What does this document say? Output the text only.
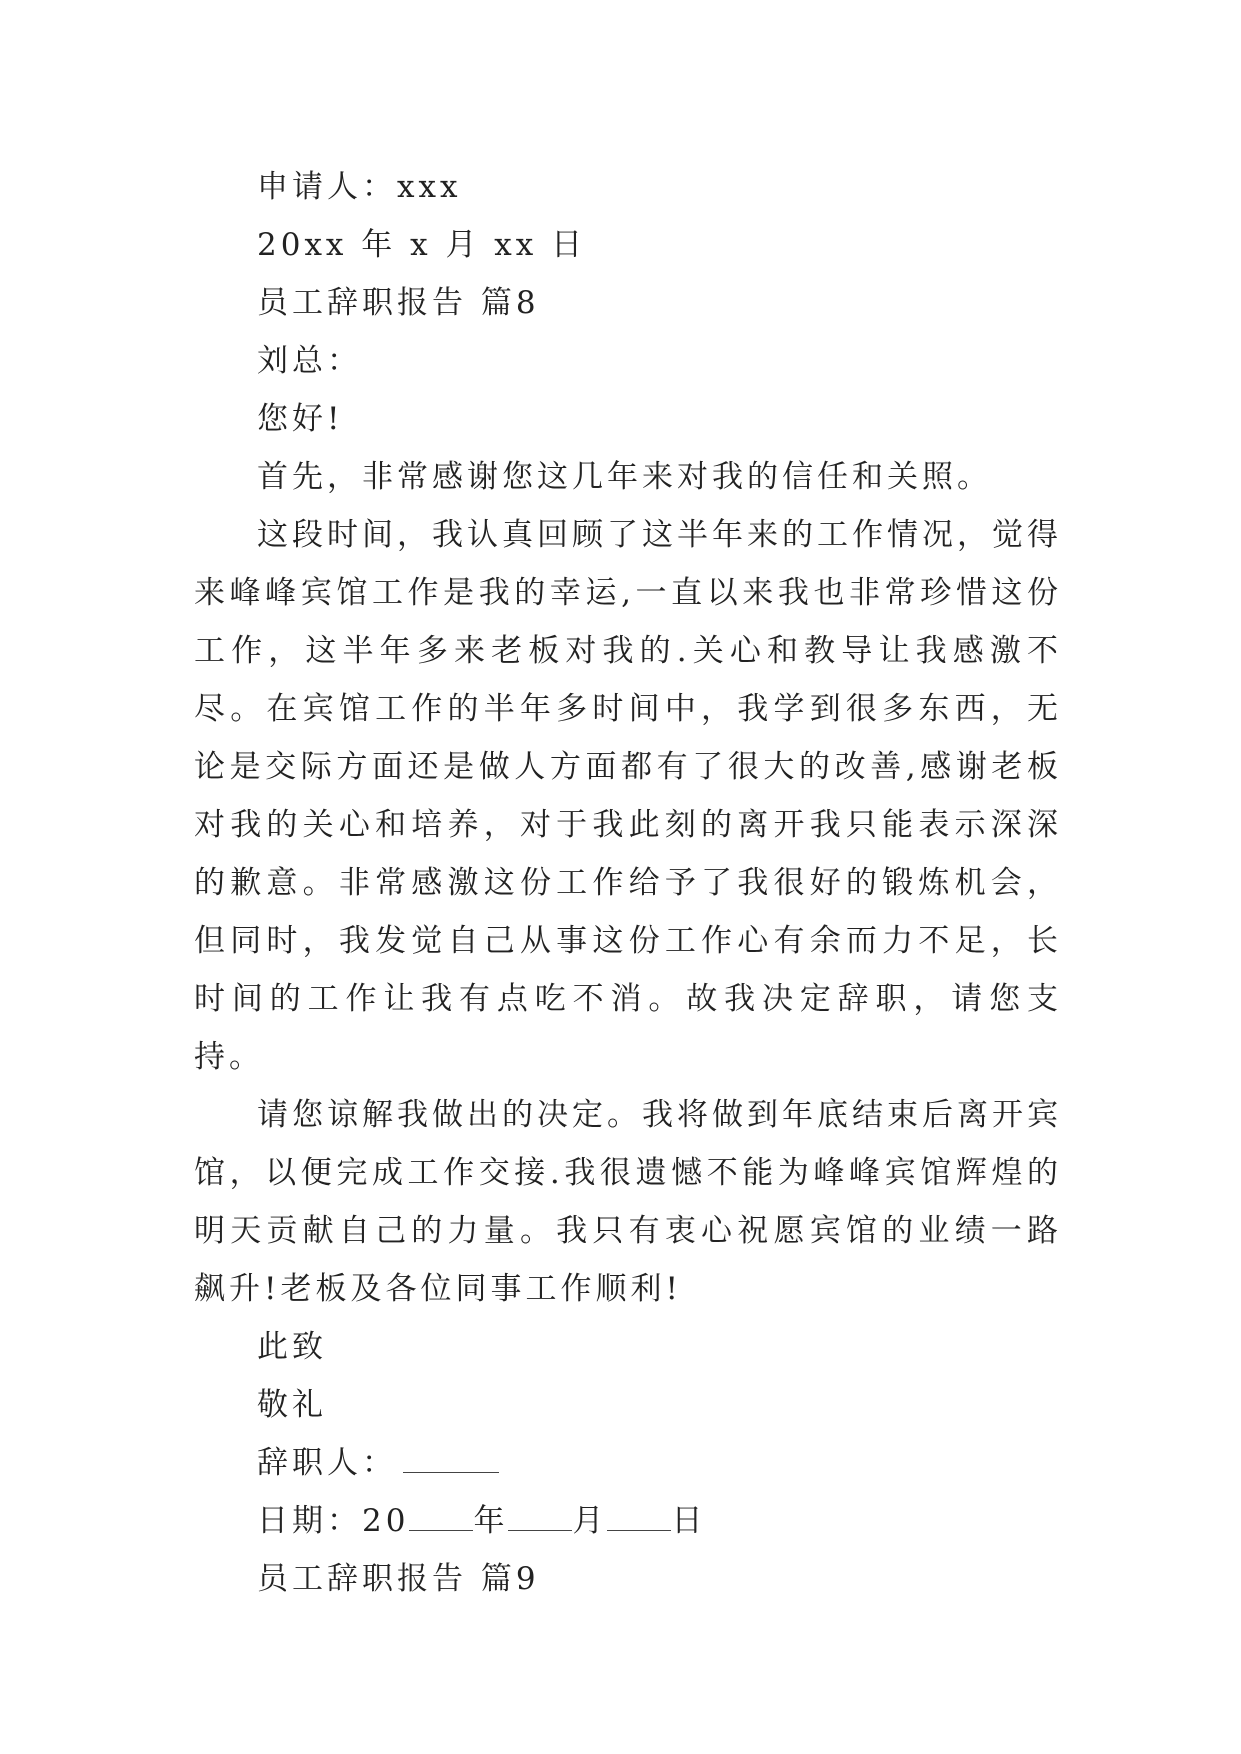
申请人：xxx

20xx 年 x 月 xx 日

员工辞职报告 篇8

刘总：

您好!

首先，非常感谢您这几年来对我的信任和关照。

这段时间，我认真回顾了这半年来的工作情况，觉得来峰峰宾馆工作是我的幸运,一直以来我也非常珍惜这份工作，这半年多来老板对我的.关心和教导让我感激不尽。在宾馆工作的半年多时间中，我学到很多东西，无论是交际方面还是做人方面都有了很大的改善,感谢老板对我的关心和培养，对于我此刻的离开我只能表示深深的歉意。非常感激这份工作给予了我很好的锻炼机会，但同时，我发觉自己从事这份工作心有余而力不足，长时间的工作让我有点吃不消。故我决定辞职，请您支持。

请您谅解我做出的决定。我将做到年底结束后离开宾馆，以便完成工作交接.我很遗憾不能为峰峰宾馆辉煌的明天贡献自己的力量。我只有衷心祝愿宾馆的业绩一路飙升!老板及各位同事工作顺利!

此致

敬礼

辞职人：

日期：20 年 月 日

员工辞职报告 篇9
